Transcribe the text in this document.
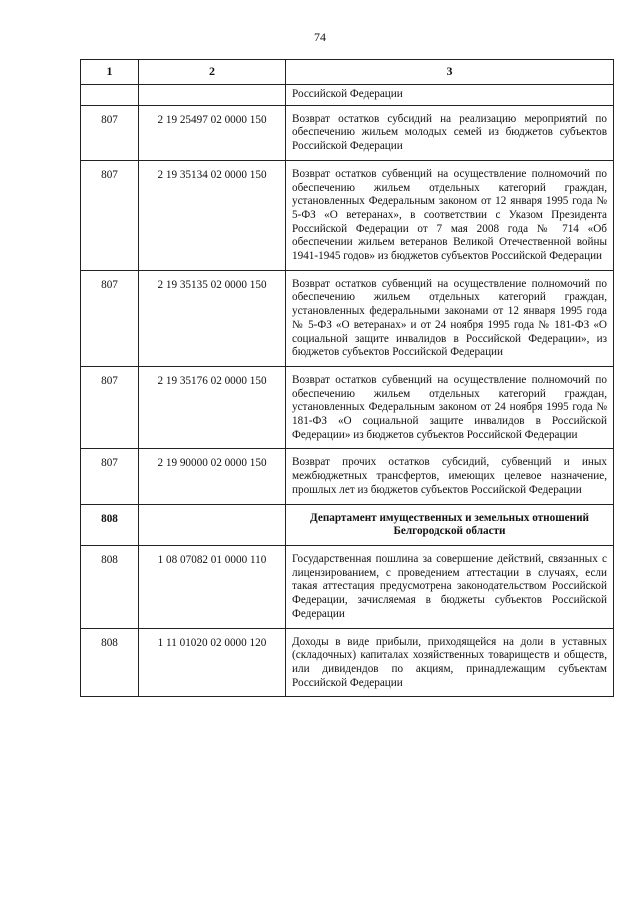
74
1	2	3
		Российской Федерации
807	2 19 25497 02 0000 150	Возврат остатков субсидий на реализацию мероприятий по обеспечению жильем молодых семей из бюджетов субъектов Российской Федерации
807	2 19 35134 02 0000 150	Возврат остатков субвенций на осуществление полномочий по обеспечению жильем отдельных категорий граждан, установленных Федеральным законом от 12 января 1995 года № 5-ФЗ «О ветеранах», в соответствии с Указом Президента Российской Федерации от 7 мая 2008 года № 714 «Об обеспечении жильем ветеранов Великой Отечественной войны 1941-1945 годов» из бюджетов субъектов Российской Федерации
807	2 19 35135 02 0000 150	Возврат остатков субвенций на осуществление полномочий по обеспечению жильем отдельных категорий граждан, установленных федеральными законами от 12 января 1995 года № 5-ФЗ «О ветеранах» и от 24 ноября 1995 года № 181-ФЗ «О социальной защите инвалидов в Российской Федерации», из бюджетов субъектов Российской Федерации
807	2 19 35176 02 0000 150	Возврат остатков субвенций на осуществление полномочий по обеспечению жильем отдельных категорий граждан, установленных Федеральным законом от 24 ноября 1995 года № 181-ФЗ «О социальной защите инвалидов в Российской Федерации» из бюджетов субъектов Российской Федерации
807	2 19 90000 02 0000 150	Возврат прочих остатков субсидий, субвенций и иных межбюджетных трансфертов, имеющих целевое назначение, прошлых лет из бюджетов субъектов Российской Федерации
808		Департамент имущественных и земельных отношений Белгородской области
808	1 08 07082 01 0000 110	Государственная пошлина за совершение действий, связанных с лицензированием, с проведением аттестации в случаях, если такая аттестация предусмотрена законодательством Российской Федерации, зачисляемая в бюджеты субъектов Российской Федерации
808	1 11 01020 02 0000 120	Доходы в виде прибыли, приходящейся на доли в уставных (складочных) капиталах хозяйственных товариществ и обществ, или дивидендов по акциям, принадлежащим субъектам Российской Федерации
